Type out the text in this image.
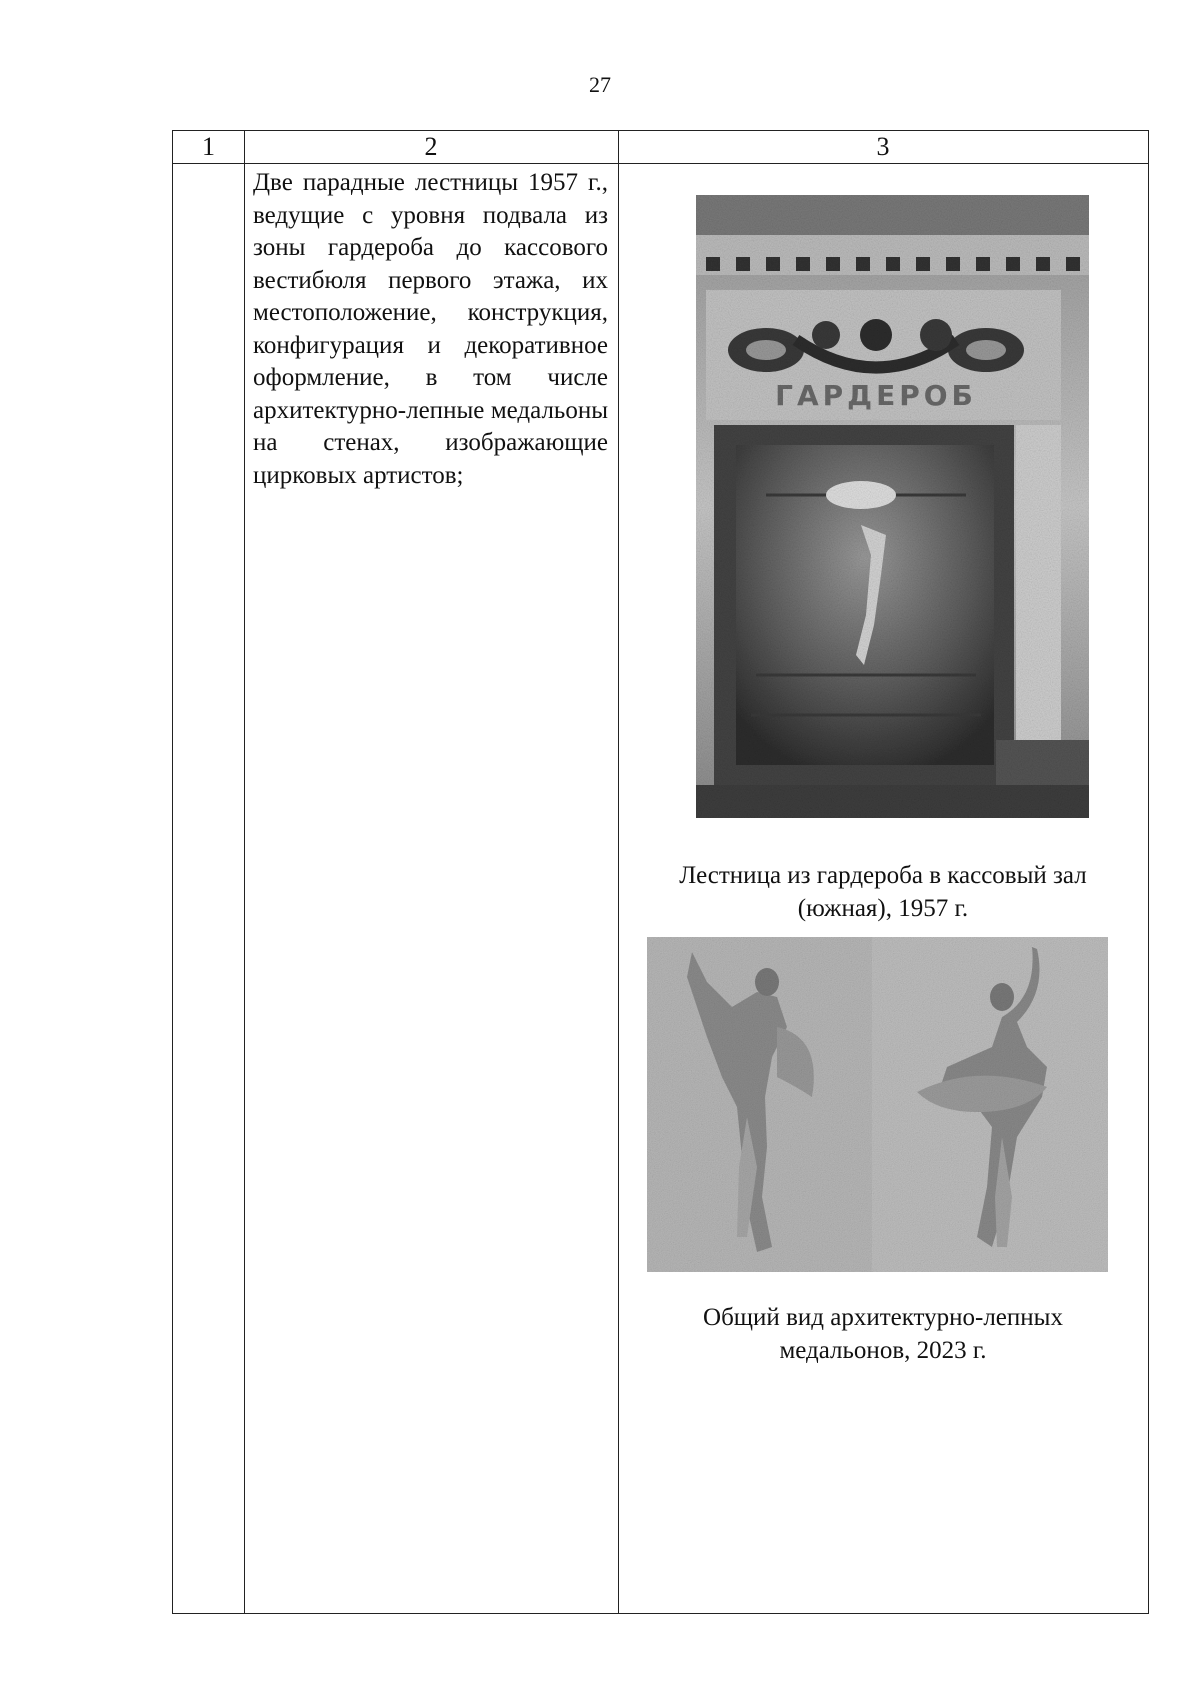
27
1	2	3
Две парадные лестницы 1957 г., ведущие с уровня подвала из зоны гардероба до кассового вестибюля первого этажа, их местоположение, конструкция, конфигурация и декоративное оформление, в том числе архитектурно-лепные медальоны на стенах, изображающие цирковых артистов;
ГАРДЕРОБ
Лестница из гардероба в кассовый зал
(южная), 1957 г.
Общий вид архитектурно-лепных
медальонов, 2023 г.
